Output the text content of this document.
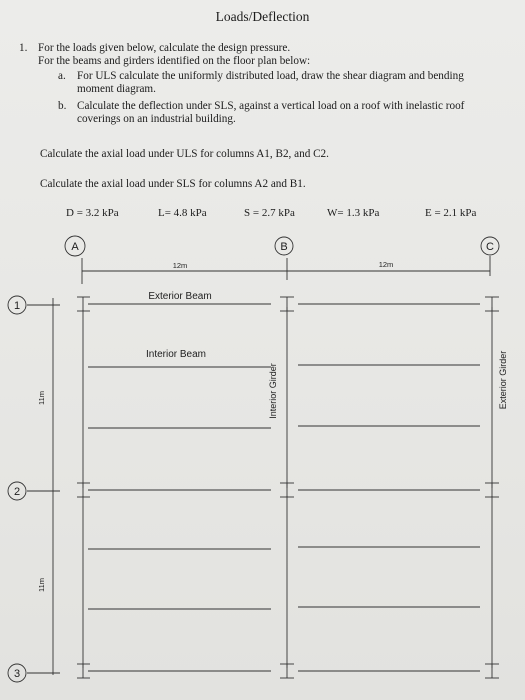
Loads/Deflection
1. For the loads given below, calculate the design pressure.
For the beams and girders identified on the floor plan below:
a. For ULS calculate the uniformly distributed load, draw the shear diagram and bending
moment diagram.
b. Calculate the deflection under SLS, against a vertical load on a roof with inelastic roof
coverings on an industrial building.
Calculate the axial load under ULS for columns A1, B2, and C2.
Calculate the axial load under SLS for columns A2 and B1.
D = 3.2 kPa	L= 4.8 kPa	S = 2.7 kPa	W= 1.3 kPa	E = 2.1 kPa
A	B	C
1
2
3
12m	12m
11m
11m
Exterior Beam
Interior Beam
Interior Girder	Exterior Girder
